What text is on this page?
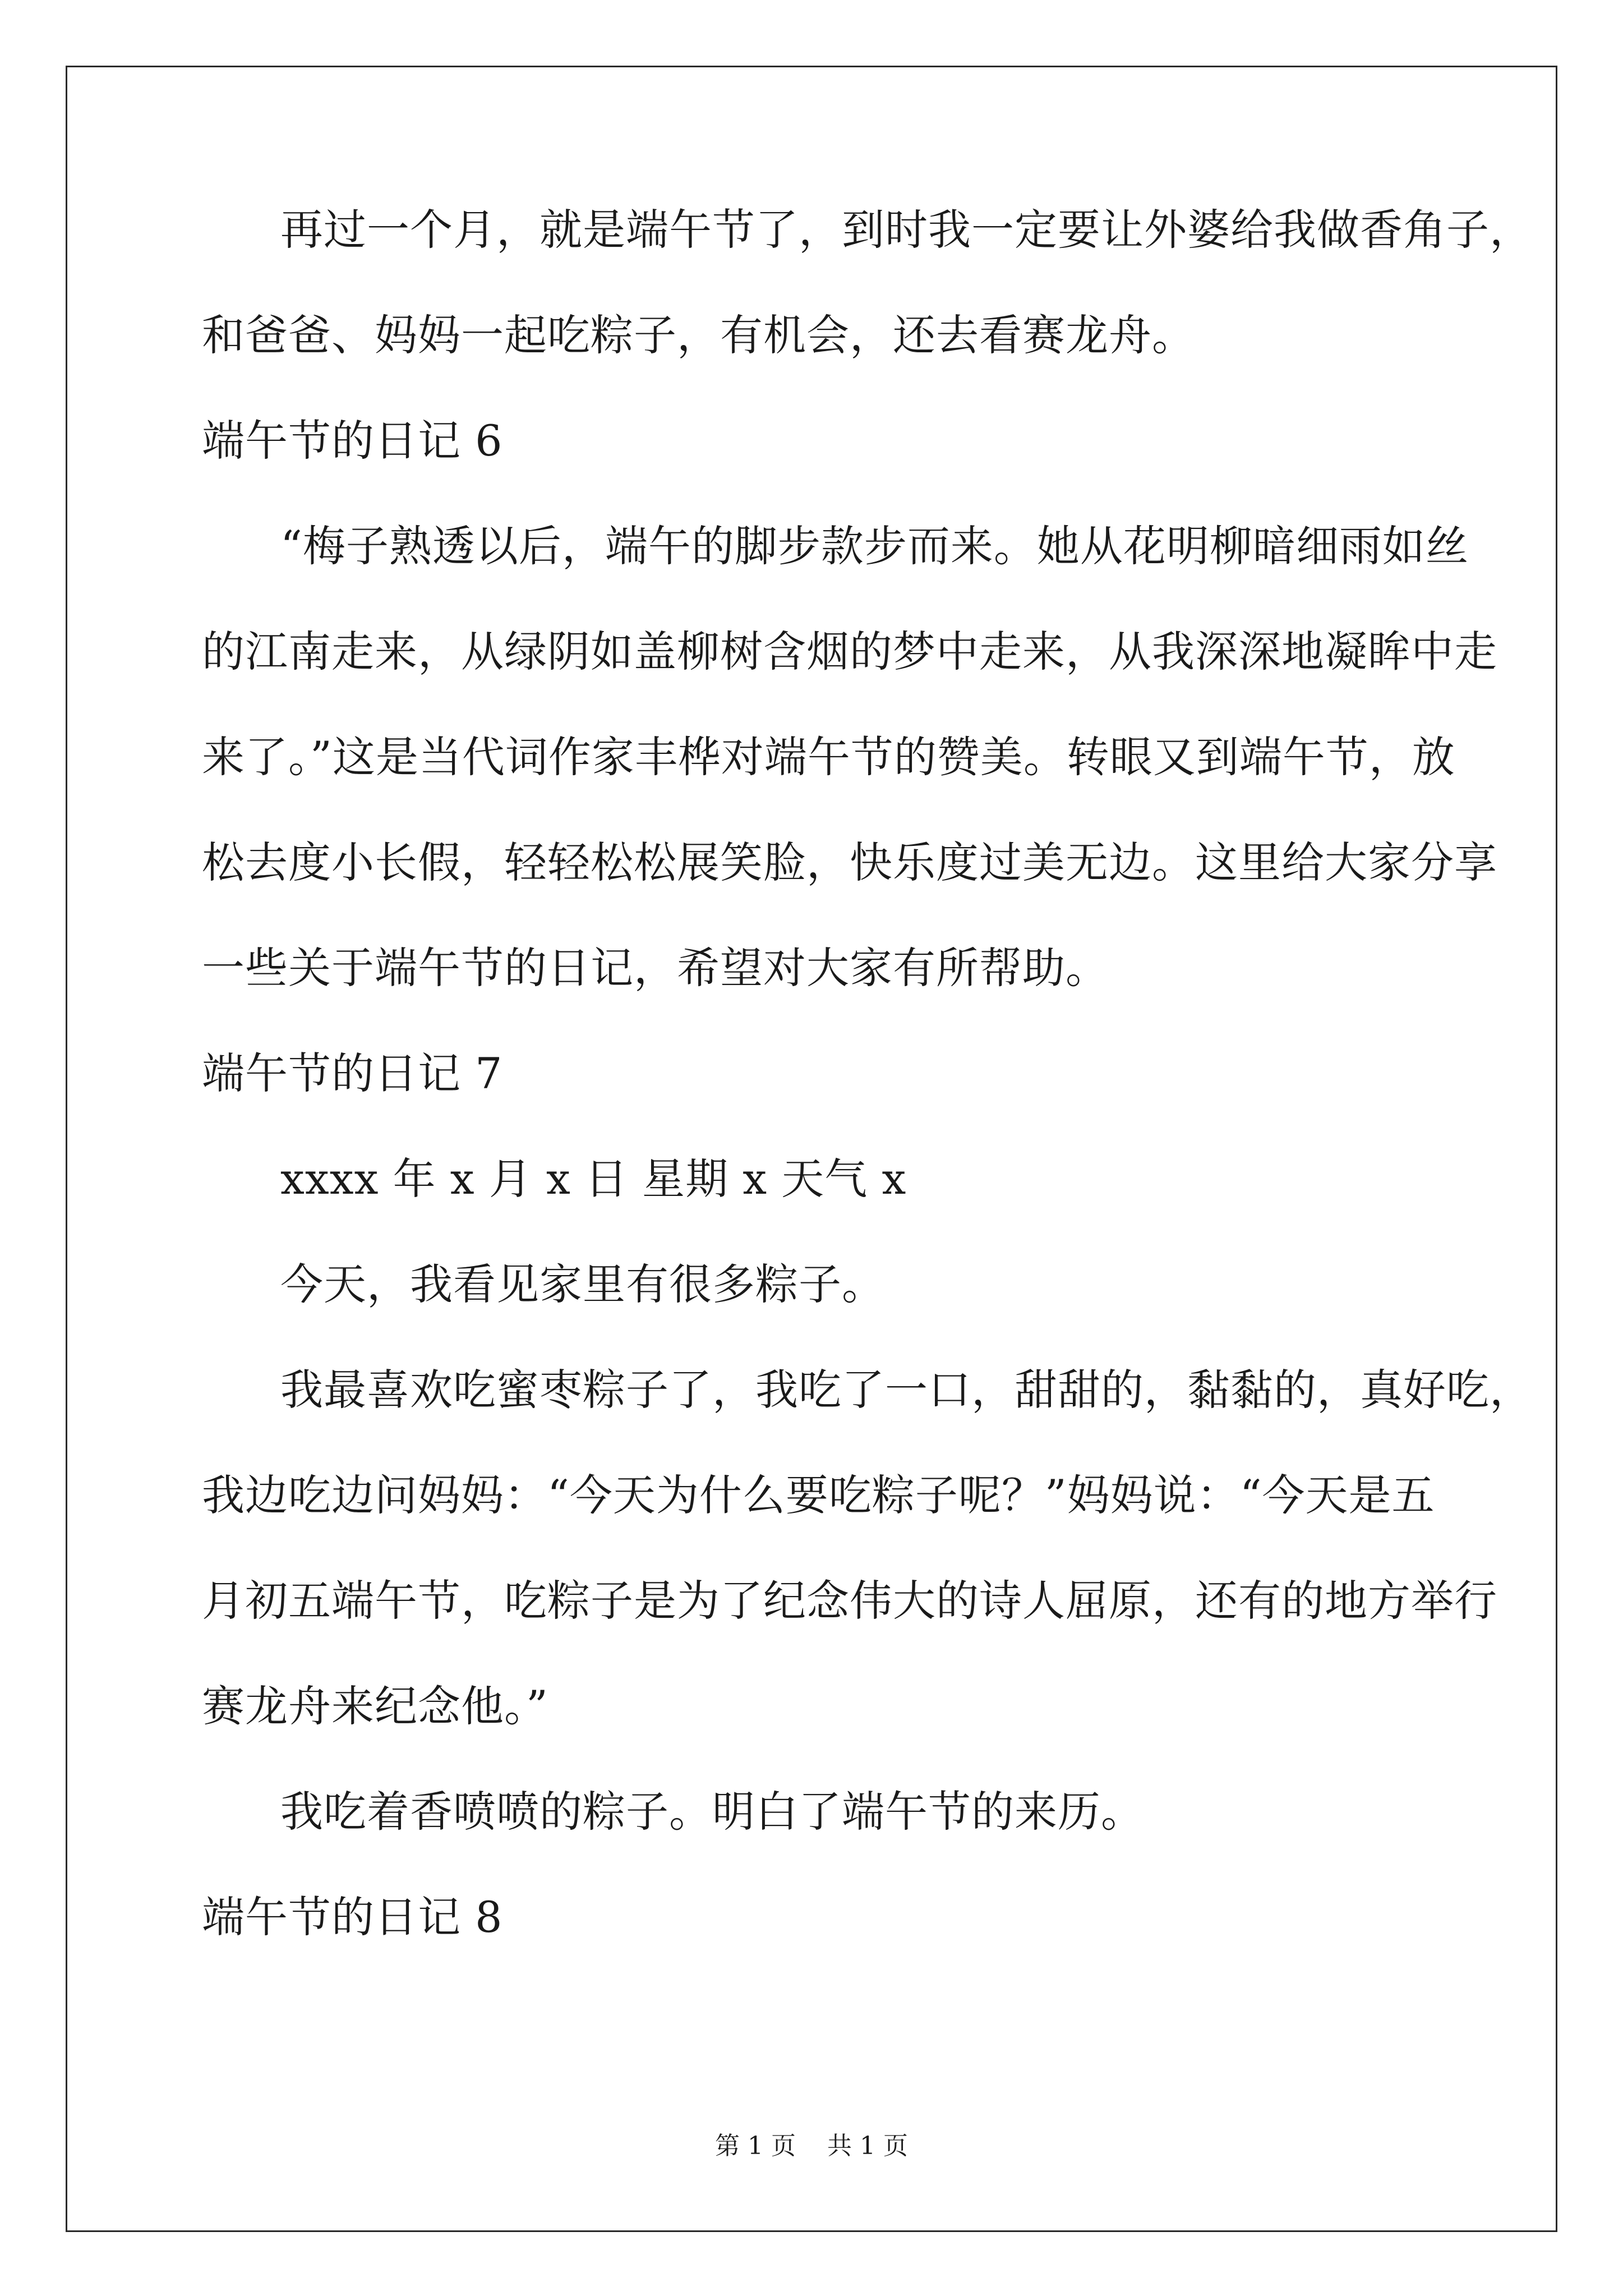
再过一个月，就是端午节了，到时我一定要让外婆给我做香角子，
和爸爸、妈妈一起吃粽子，有机会，还去看赛龙舟。
端午节的日记 6
“梅子熟透以后，端午的脚步款步而来。她从花明柳暗细雨如丝
的江南走来，从绿阴如盖柳树含烟的梦中走来，从我深深地凝眸中走
来了。”这是当代词作家丰桦对端午节的赞美。转眼又到端午节，放
松去度小长假，轻轻松松展笑脸，快乐度过美无边。这里给大家分享
一些关于端午节的日记，希望对大家有所帮助。
端午节的日记 7
xxxx 年 x 月 x 日 星期 x 天气 x
今天，我看见家里有很多粽子。
我最喜欢吃蜜枣粽子了，我吃了一口，甜甜的，黏黏的，真好吃，
我边吃边问妈妈：“今天为什么要吃粽子呢？”妈妈说：“今天是五
月初五端午节，吃粽子是为了纪念伟大的诗人屈原，还有的地方举行
赛龙舟来纪念他。”
我吃着香喷喷的粽子。明白了端午节的来历。
端午节的日记 8
第 1 页 共 1 页
